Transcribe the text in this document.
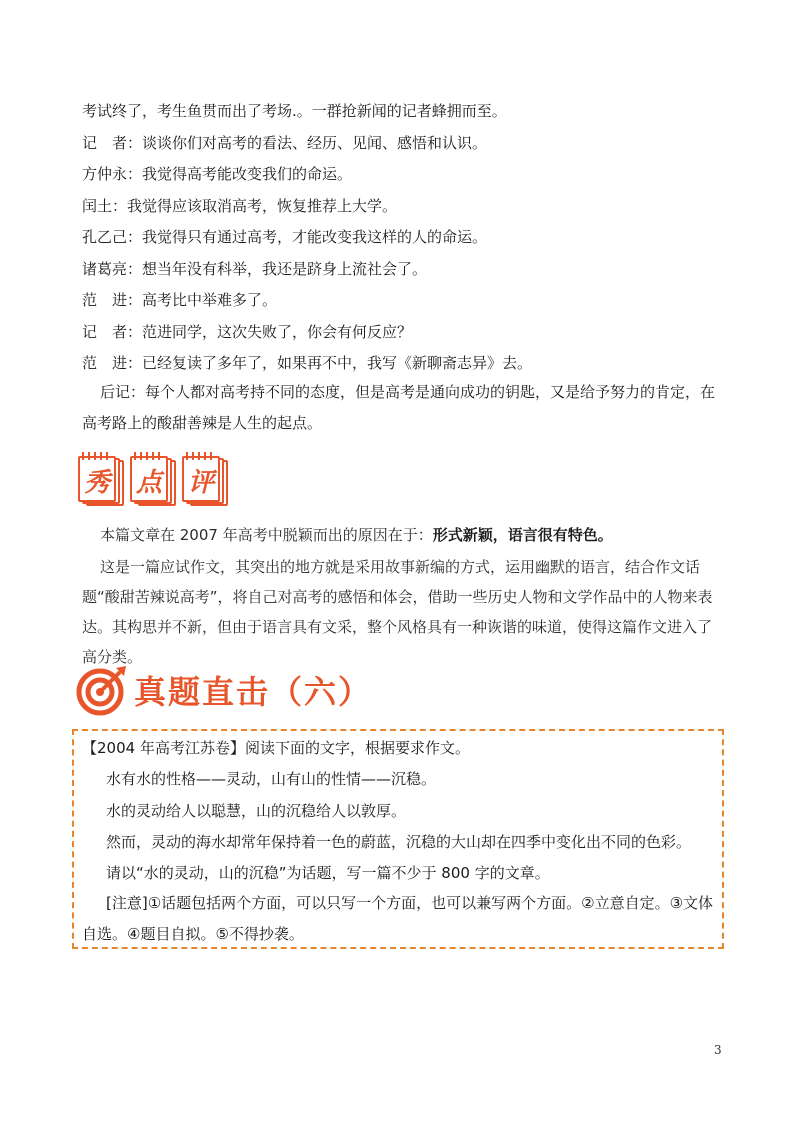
考试终了，考生鱼贯而出了考场.。一群抢新闻的记者蜂拥而至。
记　者：谈谈你们对高考的看法、经历、见闻、感悟和认识。
方仲永：我觉得高考能改变我们的命运。
闰土：我觉得应该取消高考，恢复推荐上大学。
孔乙己：我觉得只有通过高考，才能改变我这样的人的命运。
诸葛亮：想当年没有科举，我还是跻身上流社会了。
范　进：高考比中举难多了。
记　者：范进同学，这次失败了，你会有何反应？
范　进：已经复读了多年了，如果再不中，我写《新聊斋志异》去。
后记：每个人都对高考持不同的态度，但是高考是通向成功的钥匙，又是给予努力的肯定，在高考路上的酸甜善辣是人生的起点。
秀 点 评
本篇文章在 2007 年高考中脱颖而出的原因在于：形式新颖，语言很有特色。
这是一篇应试作文，其突出的地方就是采用故事新编的方式，运用幽默的语言，结合作文话题“酸甜苦辣说高考”，将自己对高考的感悟和体会，借助一些历史人物和文学作品中的人物来表达。其构思并不新，但由于语言具有文采，整个风格具有一种诙谐的味道，使得这篇作文进入了高分类。
真题直击（六）
【2004 年高考江苏卷】阅读下面的文字，根据要求作文。
水有水的性格——灵动，山有山的性情——沉稳。
水的灵动给人以聪慧，山的沉稳给人以敦厚。
然而，灵动的海水却常年保持着一色的蔚蓝，沉稳的大山却在四季中变化出不同的色彩。
请以“水的灵动，山的沉稳”为话题，写一篇不少于 800 字的文章。
[注意]①话题包括两个方面，可以只写一个方面，也可以兼写两个方面。②立意自定。③文体自选。④题目自拟。⑤不得抄袭。
3
